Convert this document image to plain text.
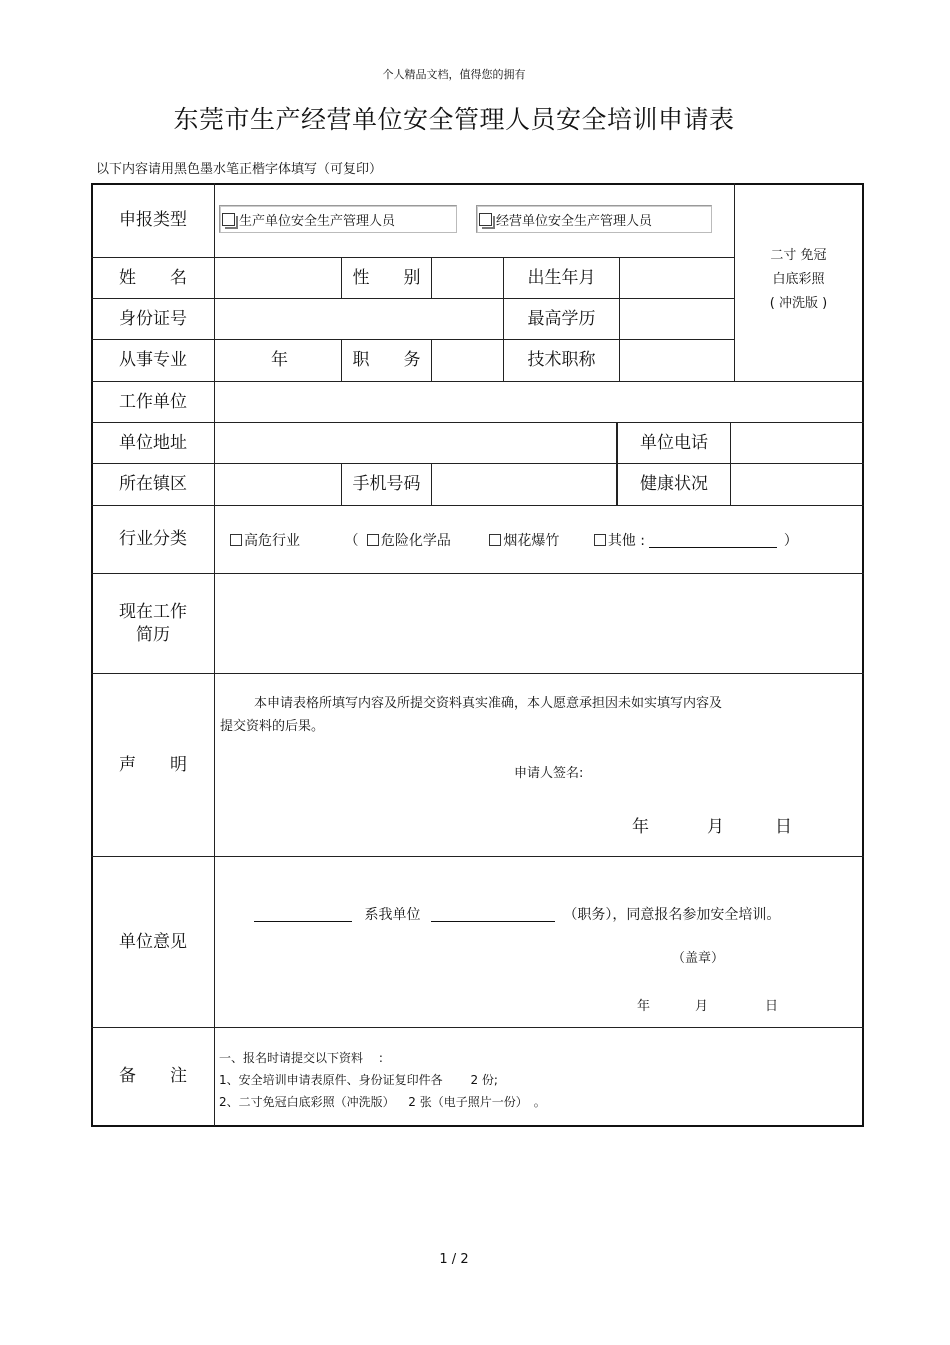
个人精品文档，值得您的拥有
东莞市生产经营单位安全管理人员安全培训申请表
以下内容请用黑色墨水笔正楷字体填写（可复印）
申报类型	生产单位安全生产管理人员	经营单位安全生产管理人员
二寸 免冠
白底彩照
( 冲洗版 )
姓　　名	性　　别	出生年月
身份证号	最高学历
从事专业	年	职　　务	技术职称
工作单位
单位地址	单位电话
所在镇区	手机号码	健康状况
行业分类	高危行业	（ 危险化学品	烟花爆竹	其他 :	）
现在工作
简历
声　　明
本申请表格所填写内容及所提交资料真实准确，本人愿意承担因未如实填写内容及
提交资料的后果。
申请人签名:
年	月	日
单位意见
系我单位	（职务），同意报名参加安全培训。
（盖章）
年	月	日
备　　注
一、报名时请提交以下资料　 :
1、安全培训申请表原件、身份证复印件各　　 2 份;
2、二寸免冠白底彩照（冲洗版）　  2 张（电子照片一份）　。
1 / 2
